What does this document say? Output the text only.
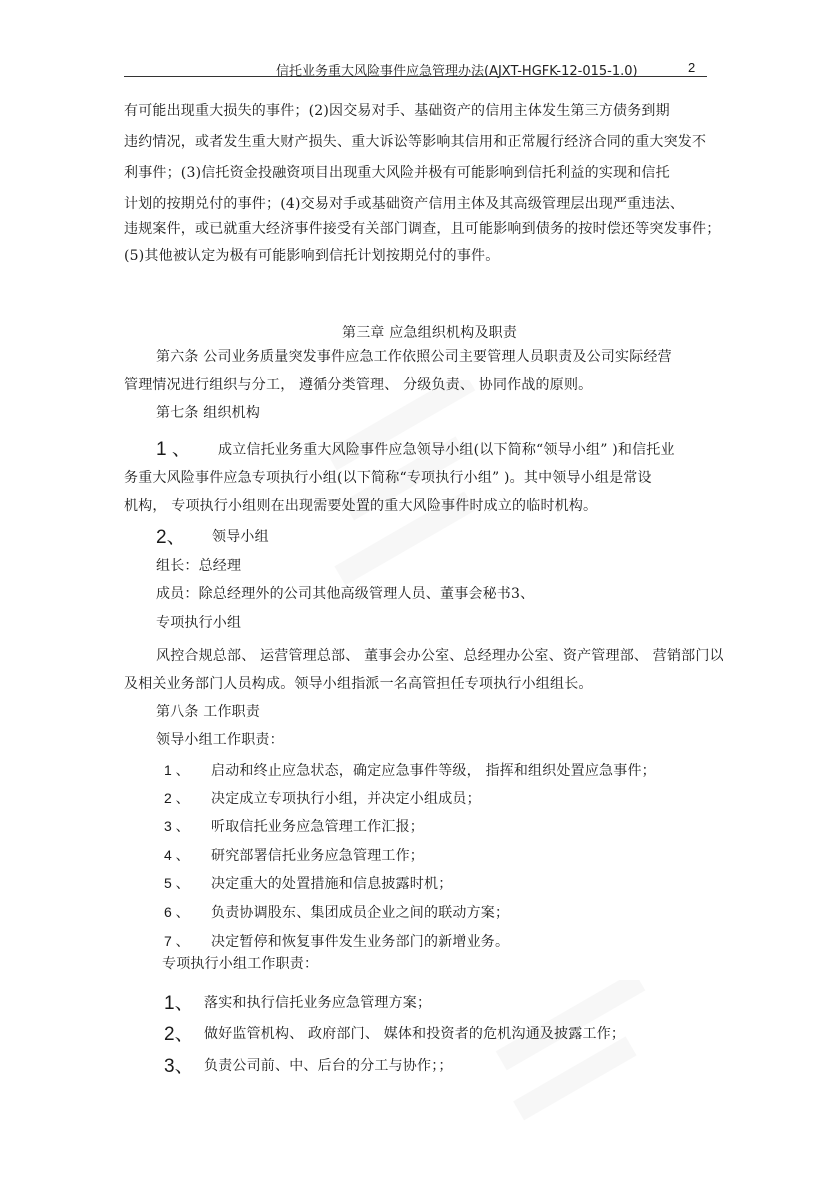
信托业务重大风险事件应急管理办法(AJXT-HGFK-12-015-1.0)	2
有可能出现重大损失的事件；(2)因交易对手、基础资产的信用主体发生第三方债务到期
违约情况，或者发生重大财产损失、重大诉讼等影响其信用和正常履行经济合同的重大突发不
利事件；(3)信托资金投融资项目出现重大风险并极有可能影响到信托利益的实现和信托
计划的按期兑付的事件；(4)交易对手或基础资产信用主体及其高级管理层出现严重违法、
违规案件，或已就重大经济事件接受有关部门调查，且可能影响到债务的按时偿还等突发事件；
(5)其他被认定为极有可能影响到信托计划按期兑付的事件。
第三章 应急组织机构及职责
第六条 公司业务质量突发事件应急工作依照公司主要管理人员职责及公司实际经营
管理情况进行组织与分工， 遵循分类管理、 分级负责、 协同作战的原则。
第七条 组织机构
1 、 成立信托业务重大风险事件应急领导小组(以下简称“领导小组” )和信托业
务重大风险事件应急专项执行小组(以下简称“专项执行小组” )。其中领导小组是常设
机构， 专项执行小组则在出现需要处置的重大风险事件时成立的临时机构。
2、 领导小组
组长：总经理
成员：除总经理外的公司其他高级管理人员、董事会秘书3、
专项执行小组
风控合规总部、 运营管理总部、 董事会办公室、总经理办公室、资产管理部、 营销部门以
及相关业务部门人员构成。领导小组指派一名高管担任专项执行小组组长。
第八条 工作职责
领导小组工作职责：
1 、 启动和终止应急状态，确定应急事件等级， 指挥和组织处置应急事件；
2 、 决定成立专项执行小组，并决定小组成员；
3 、 听取信托业务应急管理工作汇报；
4 、 研究部署信托业务应急管理工作；
5 、 决定重大的处置措施和信息披露时机；
6 、 负责协调股东、集团成员企业之间的联动方案；
7 、 决定暂停和恢复事件发生业务部门的新增业务。
专项执行小组工作职责：
1、 落实和执行信托业务应急管理方案；
2、 做好监管机构、 政府部门、 媒体和投资者的危机沟通及披露工作；
3、 负责公司前、中、后台的分工与协作；；
